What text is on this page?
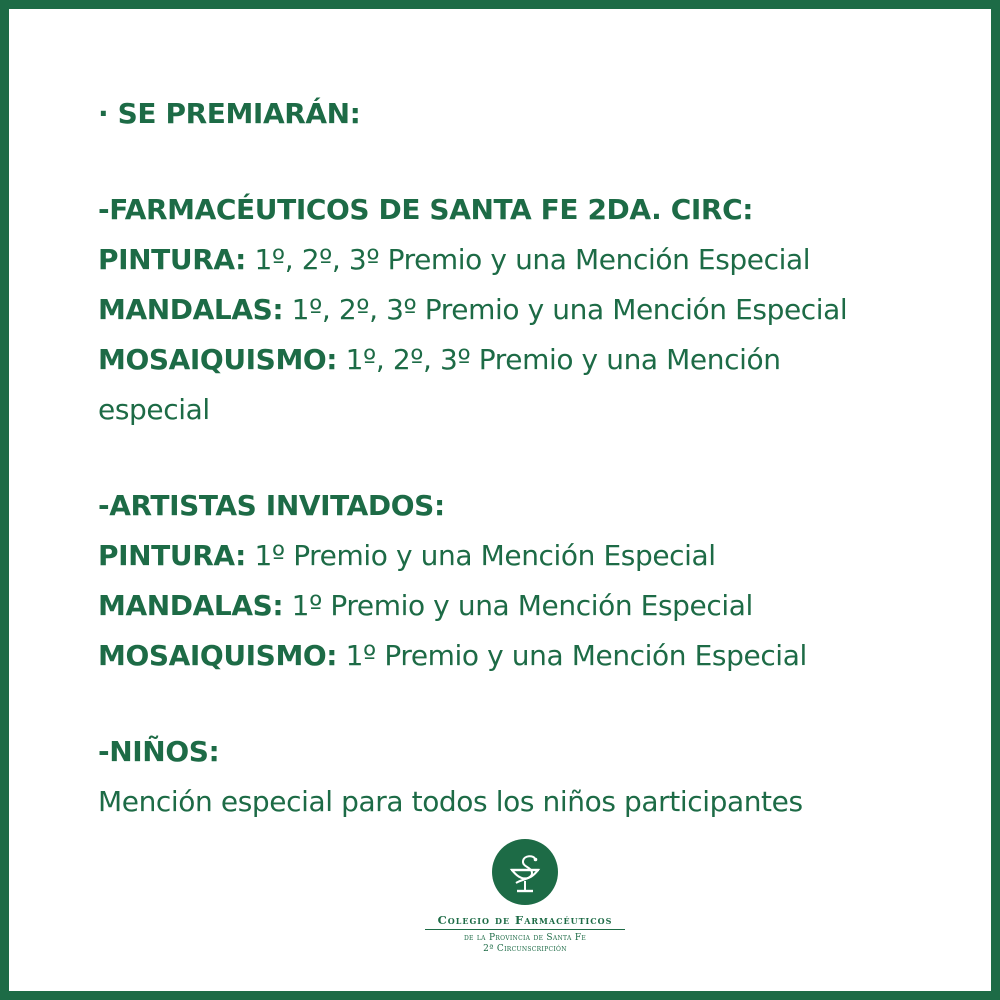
· SE PREMIARÁN:
-FARMACÉUTICOS DE SANTA FE 2DA. CIRC:
PINTURA: 1º, 2º, 3º Premio y una Mención Especial
MANDALAS: 1º, 2º, 3º Premio y una Mención Especial
MOSAIQUISMO: 1º, 2º, 3º Premio y una Mención
especial
-ARTISTAS INVITADOS:
PINTURA: 1º Premio y una Mención Especial
MANDALAS: 1º Premio y una Mención Especial
MOSAIQUISMO: 1º Premio y una Mención Especial
-NIÑOS:
Mención especial para todos los niños participantes
Colegio de Farmacéuticos
de la Provincia de Santa Fe
2ª Circunscripción
